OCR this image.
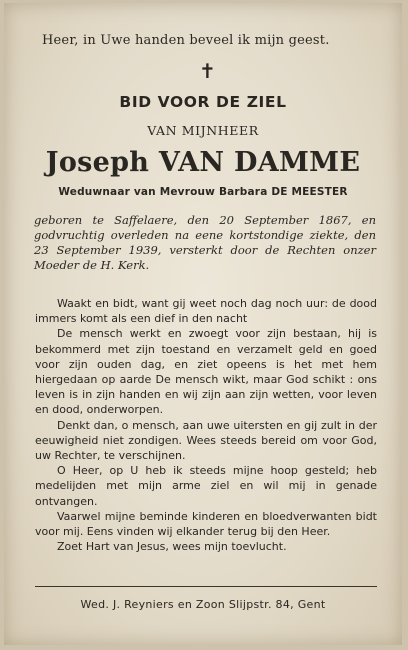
Heer, in Uwe handen beveel ik mijn geest.
✝
BID VOOR DE ZIEL
VAN MIJNHEER
Joseph VAN DAMME
Weduwnaar van Mevrouw Barbara DE MEESTER

geboren te Saffelaere, den 20 September 1867, en godvruchtig overleden na eene kortstondige ziekte, den 23 September 1939, versterkt door de Rechten onzer Moeder de H. Kerk.

Waakt en bidt, want gij weet noch dag noch uur: de dood immers komt als een dief in den nacht

De mensch werkt en zwoegt voor zijn bestaan, hij is bekommerd met zijn toestand en verzamelt geld en goed voor zijn ouden dag, en ziet opeens is het met hem hiergedaan op aarde De mensch wikt, maar God schikt : ons leven is in zijn handen en wij zijn aan zijn wetten, voor leven en dood, onderworpen.

Denkt dan, o mensch, aan uwe uitersten en gij zult in der eeuwigheid niet zondigen. Wees steeds bereid om voor God, uw Rechter, te verschijnen.

O Heer, op U heb ik steeds mijne hoop gesteld; heb medelijden met mijn arme ziel en wil mij in genade ontvangen.

Vaarwel mijne beminde kinderen en bloedverwanten bidt voor mij. Eens vinden wij elkander terug bij den Heer.

Zoet Hart van Jesus, wees mijn toevlucht.

Wed. J. Reyniers en Zoon Slijpstr. 84, Gent
